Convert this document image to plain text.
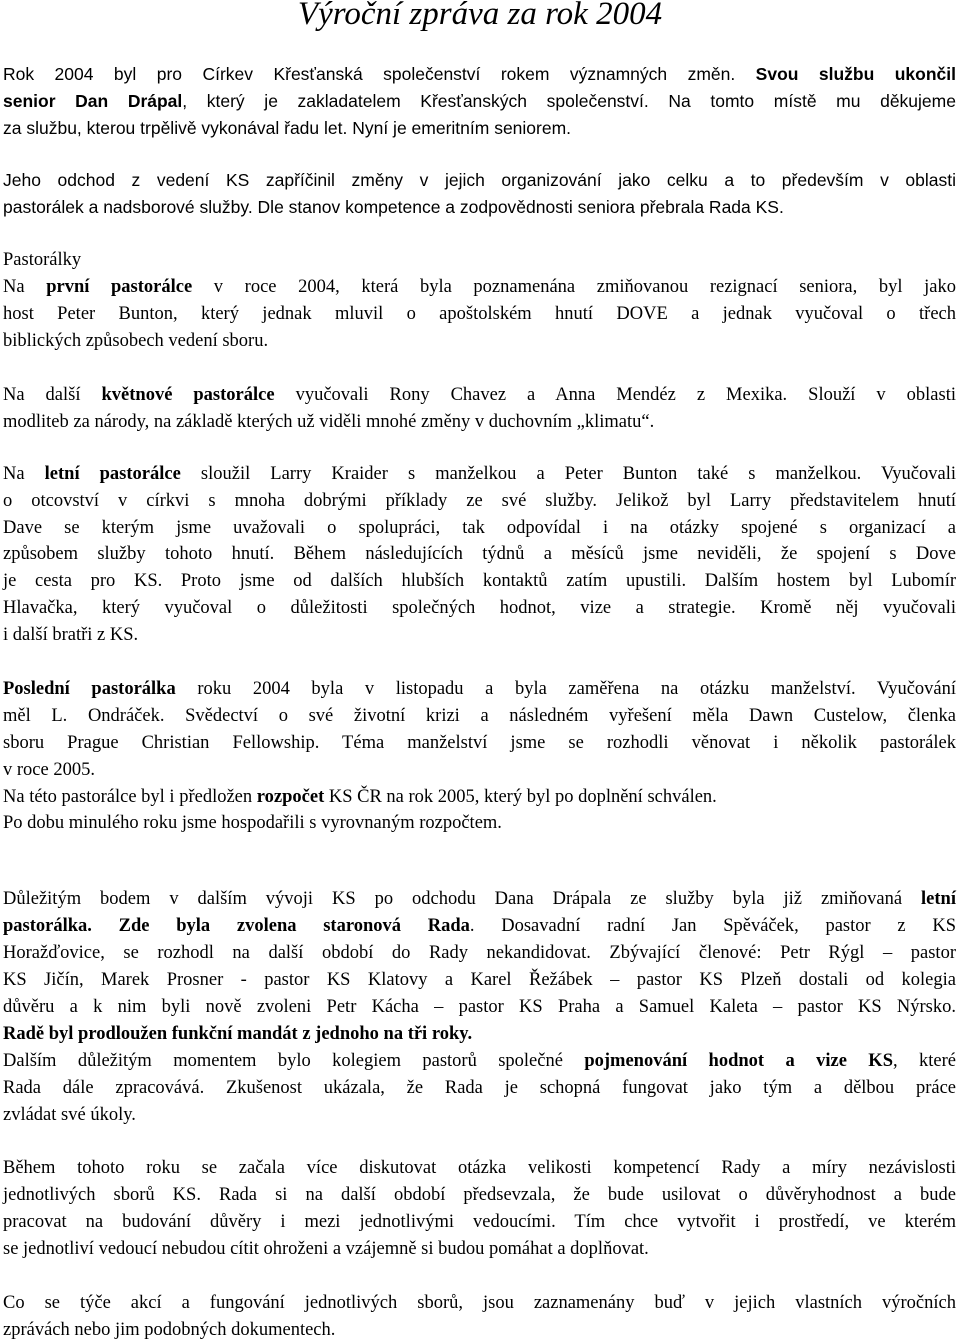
Výroční zpráva za rok 2004
Rok 2004 byl pro Církev Křesťanská společenství rokem významných změn. Svou službu ukončil
senior Dan Drápal, který je zakladatelem Křesťanských společenství. Na tomto místě mu děkujeme
za službu, kterou trpělivě vykonával řadu let. Nyní je emeritním seniorem.
Jeho odchod z vedení KS zapříčinil změny v jejich organizování jako celku a to především v oblasti
pastorálek a nadsborové služby. Dle stanov kompetence a zodpovědnosti seniora přebrala Rada KS.
Pastorálky
Na první pastorálce v roce 2004, která byla poznamenána zmiňovanou rezignací seniora, byl jako
host Peter Bunton, který jednak mluvil o apoštolském hnutí DOVE a jednak vyučoval o třech
biblických způsobech vedení sboru.
Na další květnové pastorálce vyučovali Rony Chavez a Anna Mendéz z Mexika. Slouží v oblasti
modlitеb za národy, na základě kterých už viděli mnohé změny v duchovním „klimatu“.
Na letní pastorálce sloužil Larry Kraider s manželkou a Peter Bunton také s manželkou. Vyučovali
o otcovství v církvi s mnoha dobrými příklady ze své služby. Jelikož byl Larry představitelem hnutí
Dave se kterým jsme uvažovali o spolupráci, tak odpovídal i na otázky spojené s organizací a
způsobem služby tohoto hnutí. Během následujících týdnů a měsíců jsme neviděli, že spojení s Dove
je cesta pro KS. Proto jsme od dalších hlubších kontaktů zatím upustili. Dalším hostem byl Lubomír
Hlavačka, který vyučoval o důležitosti společných hodnot, vize a strategie. Kromě něj vyučovali
i další bratři z KS.
Poslední pastorálka roku 2004 byla v listopadu a byla zaměřena na otázku manželství. Vyučování
měl L. Ondráček. Svědectví o své životní krizi a následném vyřešení měla Dawn Custelow, členka
sboru Prague Christian Fellowship. Téma manželství jsme se rozhodli věnovat i několik pastorálek
v roce 2005.
Na této pastorálce byl i předložen rozpočet KS ČR na rok 2005, který byl po doplnění schválen.
Po dobu minulého roku jsme hospodařili s vyrovnaným rozpočtem.
Důležitým bodem v dalším vývoji KS po odchodu Dana Drápala ze služby byla již zmiňovaná letní
pastorálka. Zde byla zvolena staronová Rada. Dosavadní radní Jan Spěváček, pastor z KS
Horažďovice, se rozhodl na další období do Rady nekandidovat. Zbývající členové: Petr Rýgl – pastor
KS Jičín, Marek Prosner - pastor KS Klatovy a Karel Řežábek – pastor KS Plzeň dostali od kolegia
důvěru a k nim byli nově zvoleni Petr Kácha – pastor KS Praha a Samuel Kaleta – pastor KS Nýrsko.
Radě byl prodloužen funkční mandát z jednoho na tři roky.
Dalším důležitým momentem bylo kolegiem pastorů společné pojmenování hodnot a vize KS, které
Rada dále zpracovává. Zkušenost ukázala, že Rada je schopná fungovat jako tým a dělbou práce
zvládat své úkoly.
Během tohoto roku se začala více diskutovat otázka velikosti kompetencí Rady a míry nezávislosti
jednotlivých sborů KS. Rada si na další období předsevzala, že bude usilovat o důvěryhodnost a bude
pracovat na budování důvěry i mezi jednotlivými vedoucími. Tím chce vytvořit i prostředí, ve kterém
se jednotliví vedoucí nebudou cítit ohroženi a vzájemně si budou pomáhat a doplňovat.
Co se týče akcí a fungování jednotlivých sborů, jsou zaznamenány buď v jejich vlastních výročních
zprávách nebo jim podobných dokumentech.
